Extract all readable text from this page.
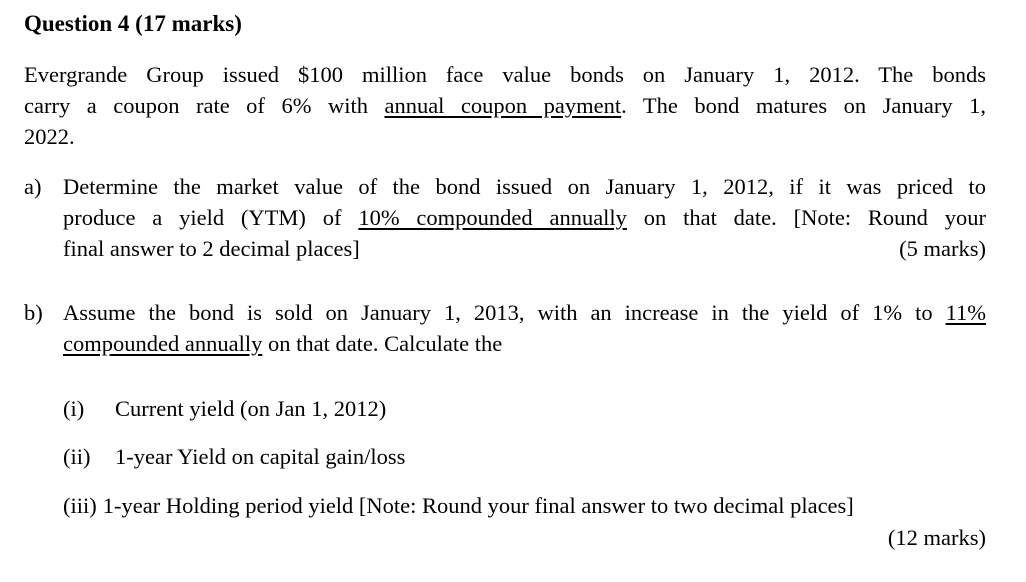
Question 4 (17 marks)
Evergrande Group issued $100 million face value bonds on January 1, 2012. The bonds
carry a coupon rate of 6% with annual coupon payment. The bond matures on January 1,
2022.
a) Determine the market value of the bond issued on January 1, 2012, if it was priced to
produce a yield (YTM) of 10% compounded annually on that date. [Note: Round your
final answer to 2 decimal places]	(5 marks)
b) Assume the bond is sold on January 1, 2013, with an increase in the yield of 1% to 11%
compounded annually on that date. Calculate the
(i) Current yield (on Jan 1, 2012)
(ii) 1-year Yield on capital gain/loss
(iii) 1-year Holding period yield [Note: Round your final answer to two decimal places]
(12 marks)
